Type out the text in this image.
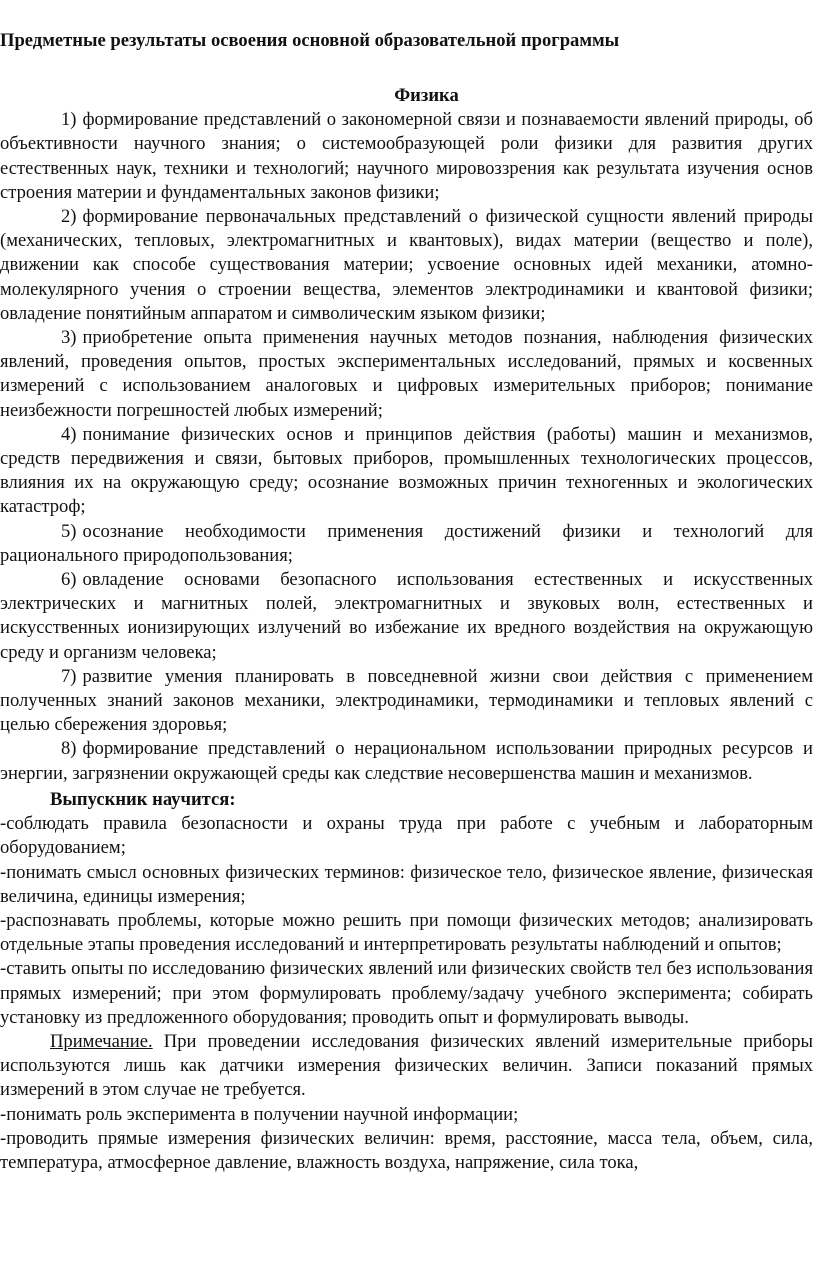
Предметные результаты освоения основной образовательной программы

Физика

1) формирование представлений о закономерной связи и познаваемости явлений природы, об объективности научного знания; о системообразующей роли физики для развития других естественных наук, техники и технологий; научного мировоззрения как результата изучения основ строения материи и фундаментальных законов физики;

2) формирование первоначальных представлений о физической сущности явлений природы (механических, тепловых, электромагнитных и квантовых), видах материи (вещество и поле), движении как способе существования материи; усвоение основных идей механики, атомно-молекулярного учения о строении вещества, элементов электродинамики и квантовой физики; овладение понятийным аппаратом и символическим языком физики;

3) приобретение опыта применения научных методов познания, наблюдения физических явлений, проведения опытов, простых экспериментальных исследований, прямых и косвенных измерений с использованием аналоговых и цифровых измерительных приборов; понимание неизбежности погрешностей любых измерений;

4) понимание физических основ и принципов действия (работы) машин и механизмов, средств передвижения и связи, бытовых приборов, промышленных технологических процессов, влияния их на окружающую среду; осознание возможных причин техногенных и экологических катастроф;

5) осознание необходимости применения достижений физики и технологий для рационального природопользования;

6) овладение основами безопасного использования естественных и искусственных электрических и магнитных полей, электромагнитных и звуковых волн, естественных и искусственных ионизирующих излучений во избежание их вредного воздействия на окружающую среду и организм человека;

7) развитие умения планировать в повседневной жизни свои действия с применением полученных знаний законов механики, электродинамики, термодинамики и тепловых явлений с целью сбережения здоровья;

8) формирование представлений о нерациональном использовании природных ресурсов и энергии, загрязнении окружающей среды как следствие несовершенства машин и механизмов.

Выпускник научится:

-соблюдать правила безопасности и охраны труда при работе с учебным и лабораторным оборудованием;

-понимать смысл основных физических терминов: физическое тело, физическое явление, физическая величина, единицы измерения;

-распознавать проблемы, которые можно решить при помощи физических методов; анализировать отдельные этапы проведения исследований и интерпретировать результаты наблюдений и опытов;

-ставить опыты по исследованию физических явлений или физических свойств тел без использования прямых измерений; при этом формулировать проблему/задачу учебного эксперимента; собирать установку из предложенного оборудования; проводить опыт и формулировать выводы.

Примечание. При проведении исследования физических явлений измерительные приборы используются лишь как датчики измерения физических величин. Записи показаний прямых измерений в этом случае не требуется.

-понимать роль эксперимента в получении научной информации;

-проводить прямые измерения физических величин: время, расстояние, масса тела, объем, сила, температура, атмосферное давление, влажность воздуха, напряжение, сила тока,
